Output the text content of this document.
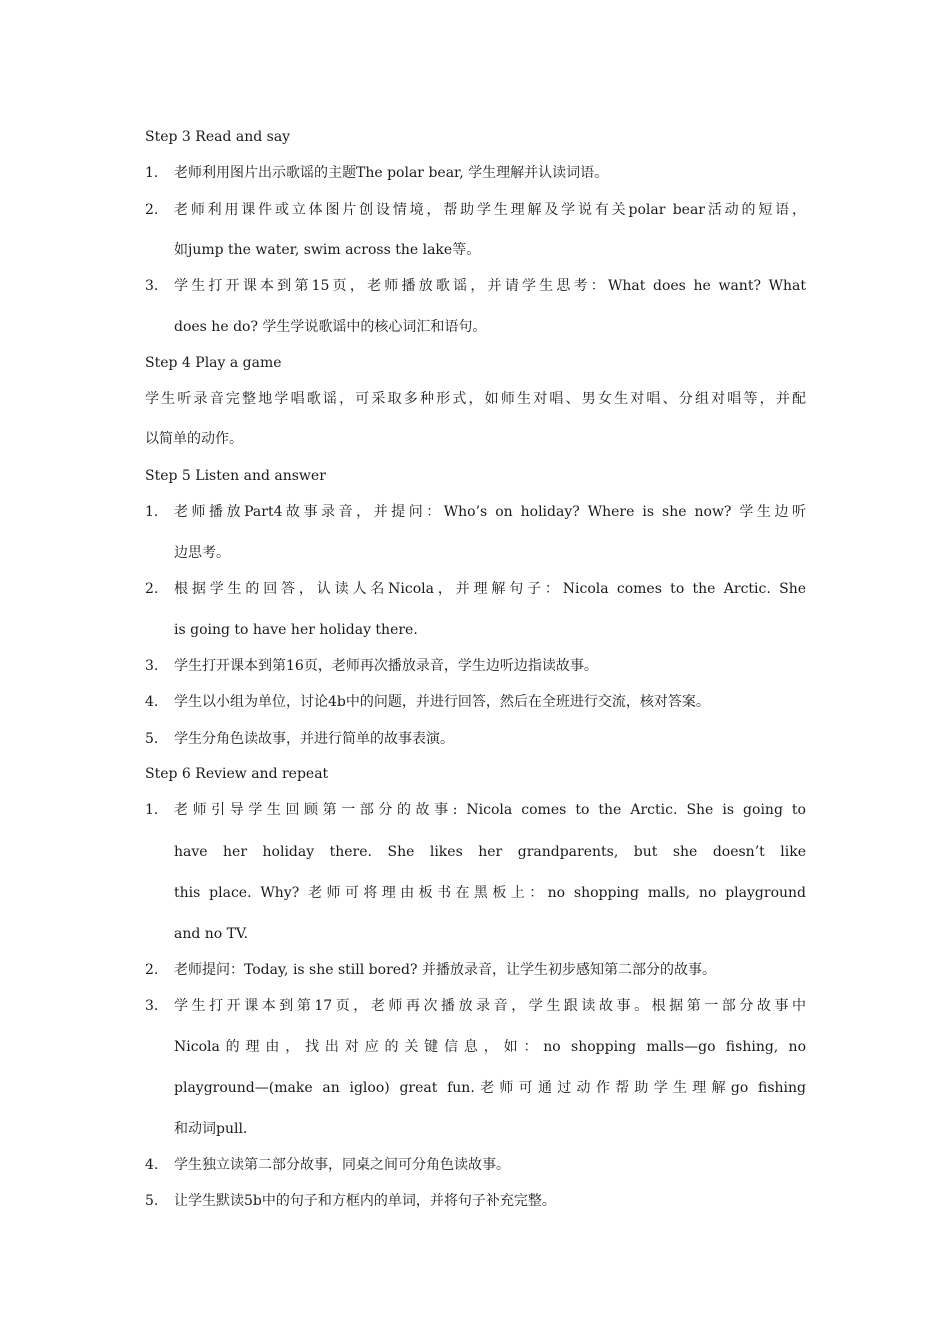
Step 3 Read and say
1. 老师利用图片出示歌谣的主题The polar bear, 学生理解并认读词语。
2. 老师利用课件或立体图片创设情境，帮助学生理解及学说有关polar bear活动的短语，
如jump the water, swim across the lake等。
3. 学生打开课本到第15页，老师播放歌谣，并请学生思考：What does he want? What
does he do? 学生学说歌谣中的核心词汇和语句。
Step 4 Play a game
学生听录音完整地学唱歌谣，可采取多种形式，如师生对唱、男女生对唱、分组对唱等，并配
以简单的动作。
Step 5 Listen and answer
1. 老师播放Part4故事录音，并提问：Who’s on holiday? Where is she now? 学生边听
边思考。
2. 根据学生的回答，认读人名Nicola，并理解句子：Nicola comes to the Arctic. She
is going to have her holiday there.
3. 学生打开课本到第16页，老师再次播放录音，学生边听边指读故事。
4. 学生以小组为单位，讨论4b中的问题，并进行回答，然后在全班进行交流，核对答案。
5. 学生分角色读故事，并进行简单的故事表演。
Step 6 Review and repeat
1. 老师引导学生回顾第一部分的故事: Nicola comes to the Arctic. She is going to
have her holiday there. She likes her grandparents, but she doesn’t like
this place. Why? 老师可将理由板书在黑板上：no shopping malls, no playground
and no TV.
2. 老师提问：Today, is she still bored? 并播放录音，让学生初步感知第二部分的故事。
3. 学生打开课本到第17页，老师再次播放录音，学生跟读故事。根据第一部分故事中
Nicola的理由，找出对应的关键信息，如：no shopping malls—go fishing, no
playground—(make an igloo) great fun.老师可通过动作帮助学生理解go fishing
和动词pull.
4. 学生独立读第二部分故事，同桌之间可分角色读故事。
5. 让学生默读5b中的句子和方框内的单词，并将句子补充完整。
